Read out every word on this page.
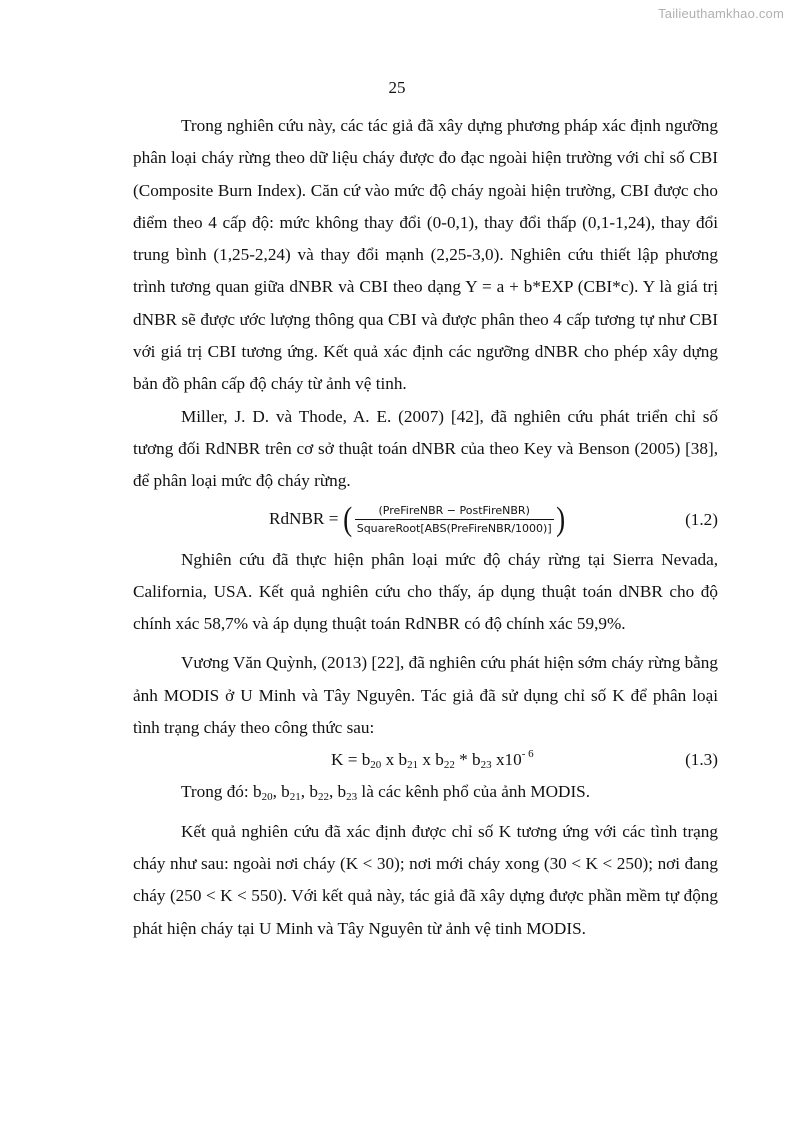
Tailieuthamkhao.com
25

Trong nghiên cứu này, các tác giả đã xây dựng phương pháp xác định ngưỡng phân loại cháy rừng theo dữ liệu cháy được đo đạc ngoài hiện trường với chỉ số CBI (Composite Burn Index). Căn cứ vào mức độ cháy ngoài hiện trường, CBI được cho điểm theo 4 cấp độ: mức không thay đổi (0-0,1), thay đổi thấp (0,1-1,24), thay đổi trung bình (1,25-2,24) và thay đổi mạnh (2,25-3,0). Nghiên cứu thiết lập phương trình tương quan giữa dNBR và CBI theo dạng Y = a + b*EXP (CBI*c). Y là giá trị dNBR sẽ được ước lượng thông qua CBI và được phân theo 4 cấp tương tự như CBI với giá trị CBI tương ứng. Kết quả xác định các ngưỡng dNBR cho phép xây dựng bản đồ phân cấp độ cháy từ ảnh vệ tinh.

Miller, J. D. và Thode, A. E. (2007) [42], đã nghiên cứu phát triển chỉ số tương đối RdNBR trên cơ sở thuật toán dNBR của theo Key và Benson (2005) [38], để phân loại mức độ cháy rừng.

RdNBR = ( $\frac{\text{(PreFireNBR − PostFireNBR)}}{\text{SquareRoot[ABS(PreFireNBR/1000)]}}$ )	(1.2)

Nghiên cứu đã thực hiện phân loại mức độ cháy rừng tại Sierra Nevada, California, USA. Kết quả nghiên cứu cho thấy, áp dụng thuật toán dNBR cho độ chính xác 58,7% và áp dụng thuật toán RdNBR có độ chính xác 59,9%.

Vương Văn Quỳnh, (2013) [22], đã nghiên cứu phát hiện sớm cháy rừng bằng ảnh MODIS ở U Minh và Tây Nguyên. Tác giả đã sử dụng chỉ số K để phân loại tình trạng cháy theo công thức sau:

$K = b_{20}$ x $b_{21}$ x $b_{22} * b_{23}$ $x10^{- 6}$	(1.3)

Trong đó: $b_{20}$, $b_{21}$, $b_{22}$, $b_{23}$ là các kênh phổ của ảnh MODIS.

Kết quả nghiên cứu đã xác định được chỉ số K tương ứng với các tình trạng cháy như sau: ngoài nơi cháy (K < 30); nơi mới cháy xong (30 < K < 250); nơi đang cháy (250 < K < 550). Với kết quả này, tác giả đã xây dựng được phần mềm tự động phát hiện cháy tại U Minh và Tây Nguyên từ ảnh vệ tinh MODIS.
